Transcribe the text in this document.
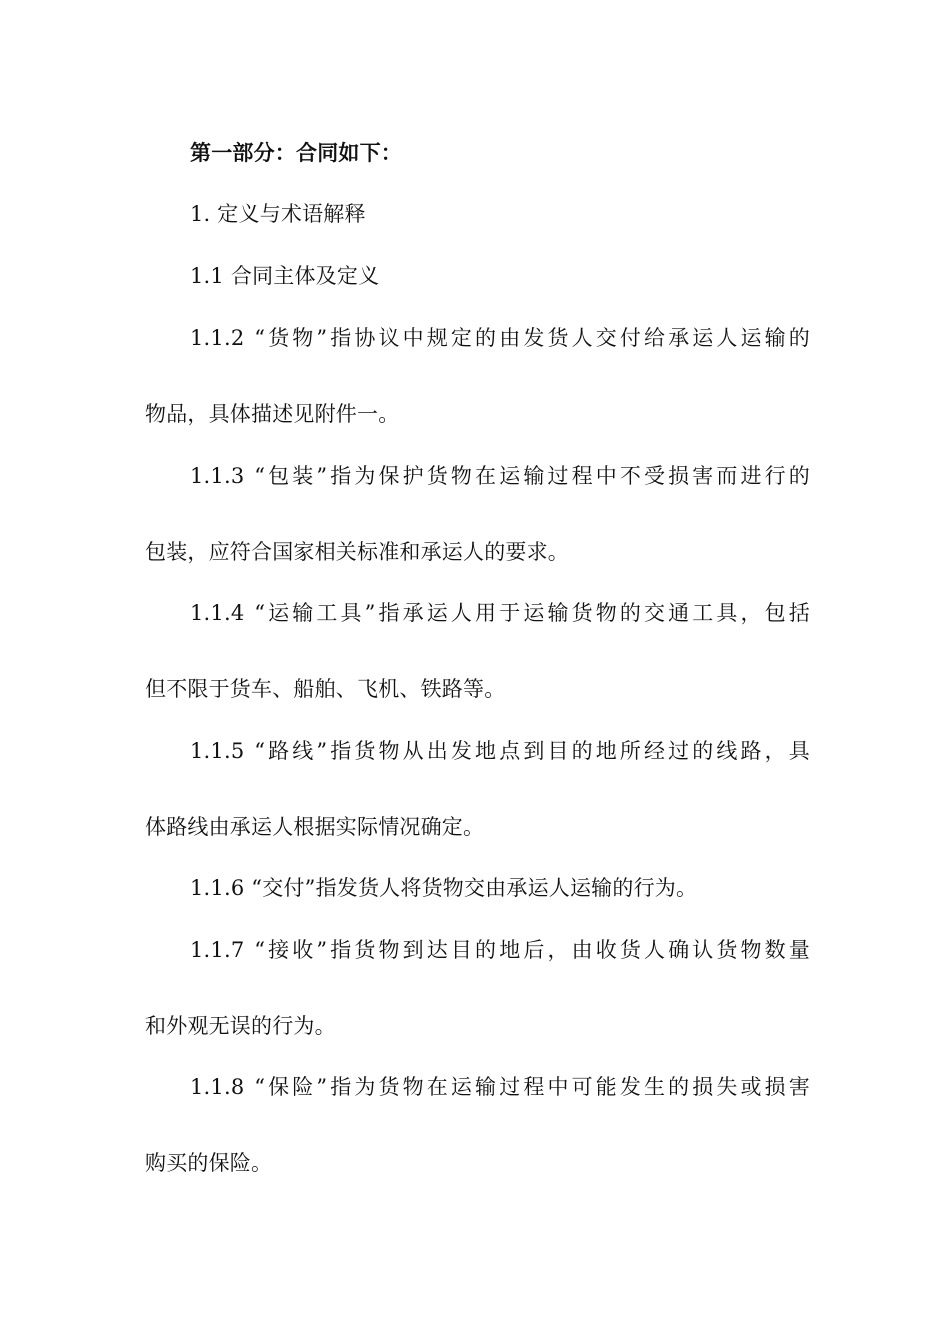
第一部分：合同如下：
1. 定义与术语解释
1.1 合同主体及定义
1.1.2 “货物”指协议中规定的由发货人交付给承运人运输的
物品，具体描述见附件一。
1.1.3 “包装”指为保护货物在运输过程中不受损害而进行的
包装，应符合国家相关标准和承运人的要求。
1.1.4 “运输工具”指承运人用于运输货物的交通工具，包括
但不限于货车、船舶、飞机、铁路等。
1.1.5 “路线”指货物从出发地点到目的地所经过的线路，具
体路线由承运人根据实际情况确定。
1.1.6 “交付”指发货人将货物交由承运人运输的行为。
1.1.7 “接收”指货物到达目的地后，由收货人确认货物数量
和外观无误的行为。
1.1.8 “保险”指为货物在运输过程中可能发生的损失或损害
购买的保险。
